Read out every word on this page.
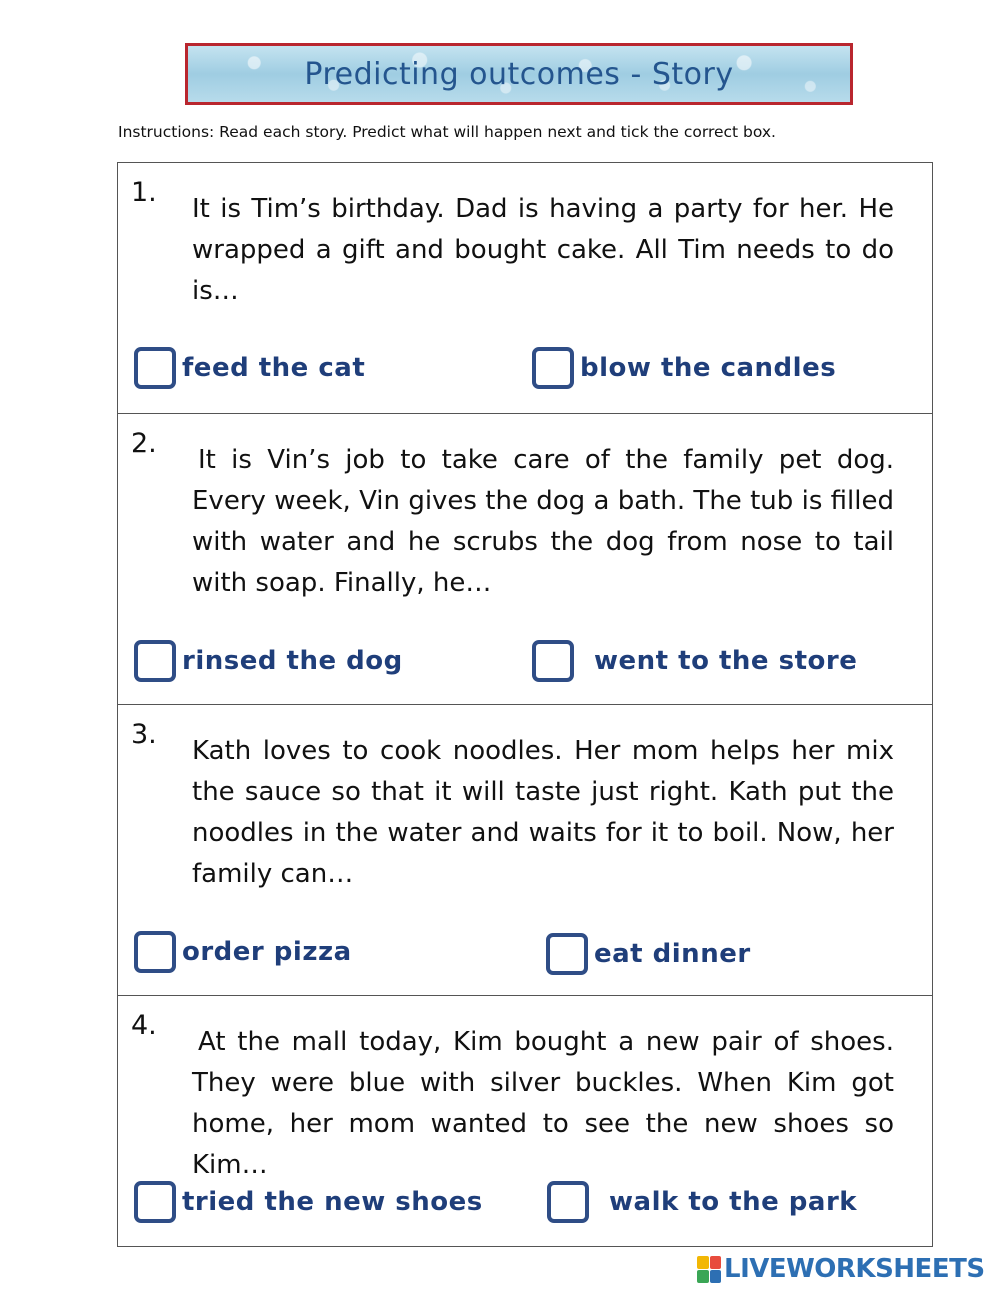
Predicting outcomes - Story
Instructions: Read each story. Predict what will happen next and tick the correct box.
1.

It is Tim’s birthday. Dad is having a party for her. He wrapped a gift and bought cake. All Tim needs to do is…

feed the cat	blow the candles
2.

It is Vin’s job to take care of the family pet dog. Every week, Vin gives the dog a bath. The tub is filled with water and he scrubs the dog from nose to tail with soap. Finally, he…

rinsed the dog	went to the store
3.

Kath loves to cook noodles. Her mom helps her mix the sauce so that it will taste just right. Kath put the noodles in the water and waits for it to boil. Now, her family can…

order pizza	eat dinner
4.

At the mall today, Kim bought a new pair of shoes. They were blue with silver buckles. When Kim got home, her mom wanted to see the new shoes so Kim…

tried the new shoes	walk to the park
LIVEWORKSHEETS
